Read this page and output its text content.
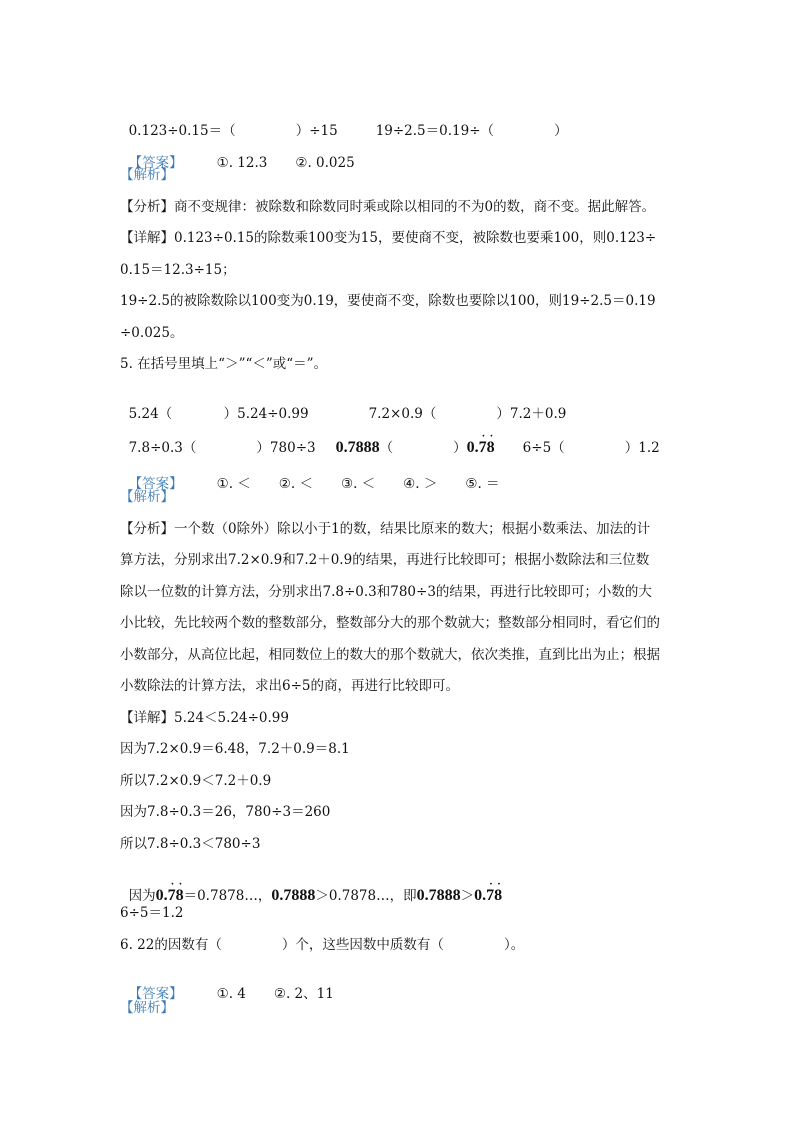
0.123÷0.15＝（              ）÷15	19÷2.5＝0.19÷（              ）

【答案】	①. 12.3 ②. 0.025

【解析】
【分析】商不变规律：被除数和除数同时乘或除以相同的不为0的数，商不变。据此解答。
【详解】0.123÷0.15的除数乘100变为15，要使商不变，被除数也要乘100，则0.123÷
0.15＝12.3÷15；
19÷2.5的被除数除以100变为0.19，要使商不变，除数也要除以100，则19÷2.5＝0.19
÷0.025。
5. 在括号里填上“＞”“＜”或“＝”。

5.24（            ）5.24÷0.99	7.2×0.9（              ）7.2＋0.9

7.8÷0.3（              ）780÷3 0.7888（              ）0.7
·
8
·
6÷5（              ）1.2

【答案】	①. ＜ ②. ＜ ③. ＜ ④. ＞ ⑤. ＝

【解析】
【分析】一个数（0除外）除以小于1的数，结果比原来的数大；根据小数乘法、加法的计
算方法，分别求出7.2×0.9和7.2＋0.9的结果，再进行比较即可；根据小数除法和三位数
除以一位数的计算方法，分别求出7.8÷0.3和780÷3的结果，再进行比较即可；小数的大
小比较，先比较两个数的整数部分，整数部分大的那个数就大；整数部分相同时，看它们的
小数部分，从高位比起，相同数位上的数大的那个数就大，依次类推，直到比出为止；根据
小数除法的计算方法，求出6÷5的商，再进行比较即可。
【详解】5.24＜5.24÷0.99
因为7.2×0.9＝6.48，7.2＋0.9＝8.1
所以7.2×0.9＜7.2＋0.9
因为7.8÷0.3＝26，780÷3＝260
所以7.8÷0.3＜780÷3

因为0.7
·
8
·
＝0.7878…，0.7888＞0.7878…，即0.7888＞0.7
·
8
·

6÷5＝1.2
6. 22的因数有（              ）个，这些因数中质数有（              ）。

【答案】	①. 4 ②. 2、11

【解析】
